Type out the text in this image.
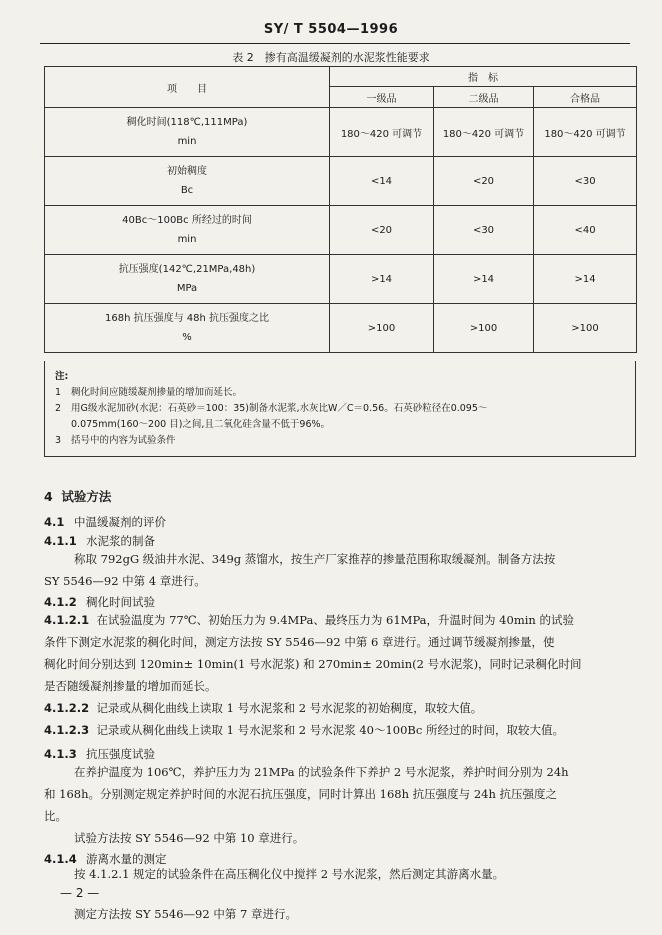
SY/ T 5504—1996
表 2　掺有高温缓凝剂的水泥浆性能要求
项　　目	指　标		
	一级品	二级品	合格品

稠化时间(118℃,111MPa)
min	180～420 可调节	180～420 可调节	180～420 可调节

初始稠度
Bc	<14	<20	<30

40Bc～100Bc 所经过的时间
min	<20	<30	<40

抗压强度(142℃,21MPa,48h)
MPa	>14	>14	>14

168h 抗压强度与 48h 抗压强度之比
%	>100	>100	>100
注:
1 稠化时间应随缓凝剂掺量的增加而延长。
2 用G级水泥加砂(水泥：石英砂＝100：35)制备水泥浆,水灰比W／C＝0.56。石英砂粒径在0.095～
0.075mm(160～200 目)之间,且二氧化硅含量不低于96%。
3 括号中的内容为试验条件
4 试验方法
4.1 中温缓凝剂的评价
4.1.1 水泥浆的制备
称取 792gG 级油井水泥、349g 蒸馏水，按生产厂家推荐的掺量范围称取缓凝剂。制备方法按
SY 5546—92 中第 4 章进行。
4.1.2 稠化时间试验
4.1.2.1 在试验温度为 77℃、初始压力为 9.4MPa、最终压力为 61MPa，升温时间为 40min 的试验
条件下测定水泥浆的稠化时间，测定方法按 SY 5546—92 中第 6 章进行。通过调节缓凝剂掺量，使
稠化时间分别达到 120min± 10min(1 号水泥浆) 和 270min± 20min(2 号水泥浆)，同时记录稠化时间
是否随缓凝剂掺量的增加而延长。
4.1.2.2 记录或从稠化曲线上读取 1 号水泥浆和 2 号水泥浆的初始稠度，取较大值。
4.1.2.3 记录或从稠化曲线上读取 1 号水泥浆和 2 号水泥浆 40～100Bc 所经过的时间，取较大值。
4.1.3 抗压强度试验
在养护温度为 106℃，养护压力为 21MPa 的试验条件下养护 2 号水泥浆，养护时间分别为 24h
和 168h。分别测定规定养护时间的水泥石抗压强度，同时计算出 168h 抗压强度与 24h 抗压强度之
比。
试验方法按 SY 5546—92 中第 10 章进行。
4.1.4 游离水量的测定
按 4.1.2.1 规定的试验条件在高压稠化仪中搅拌 2 号水泥浆，然后测定其游离水量。
— 2 —
测定方法按 SY 5546—92 中第 7 章进行。
